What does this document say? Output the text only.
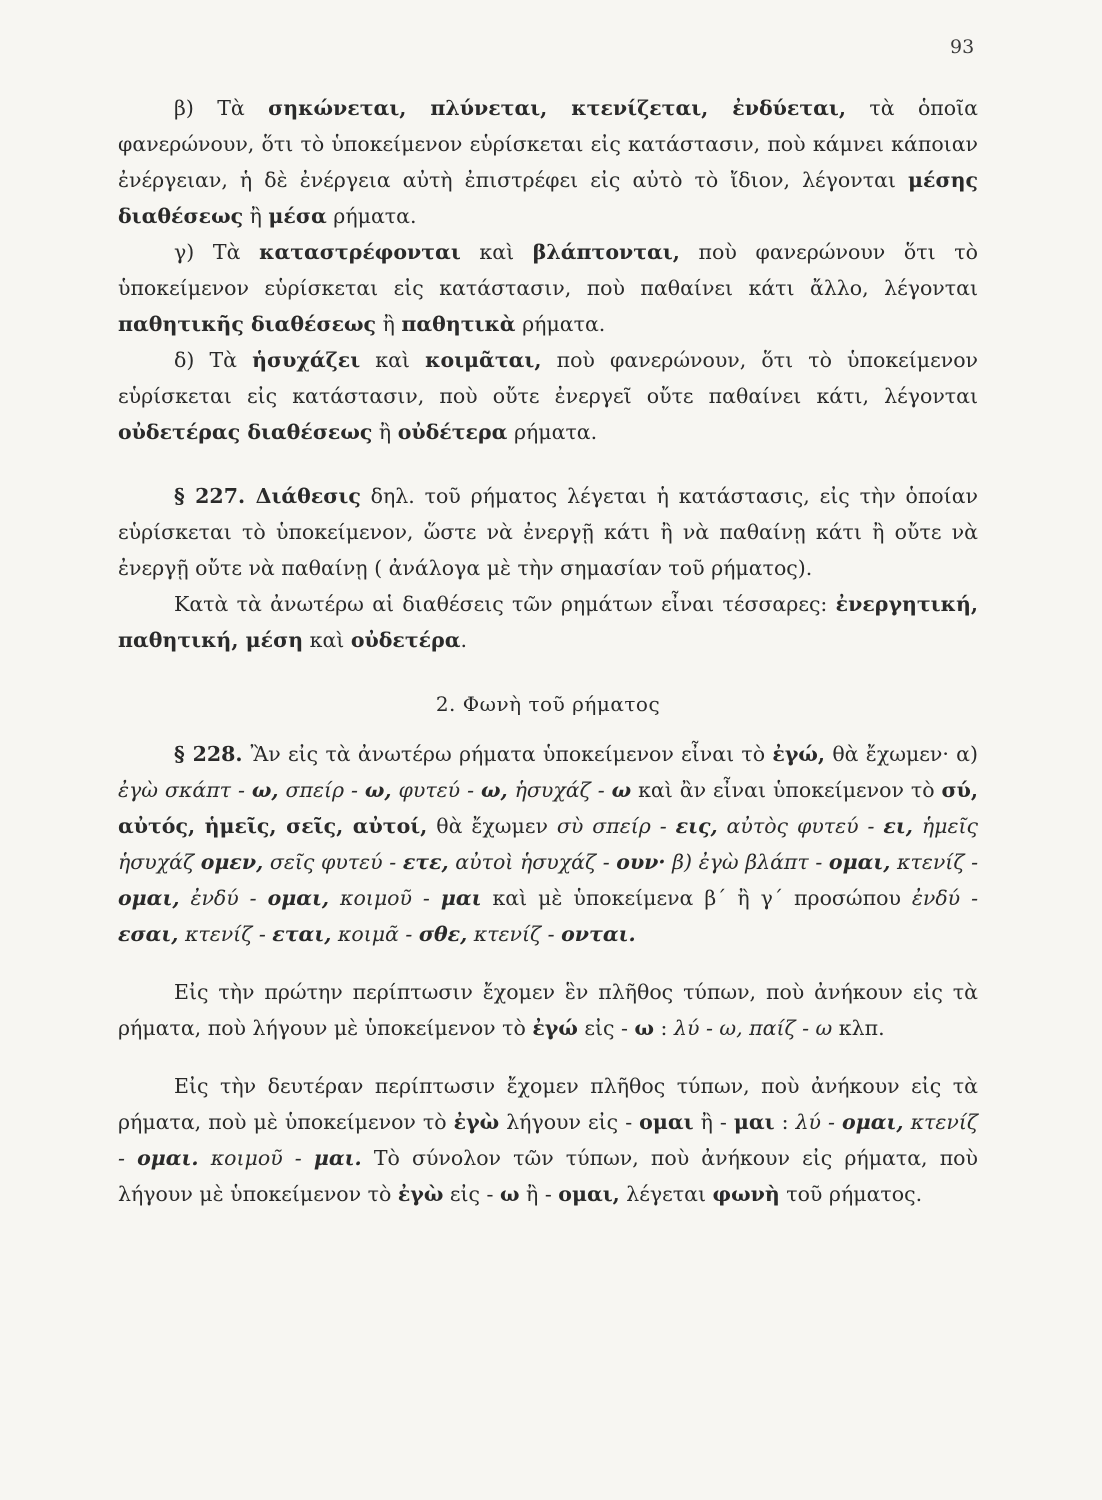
93

β) Τὰ σηκώνεται, πλύνεται, κτενίζεται, ἐνδύεται, τὰ ὁποῖα φανερώνουν, ὅτι τὸ ὑποκείμενον εὑρίσκεται εἰς κατάστασιν, ποὺ κάμνει κάποιαν ἐνέργειαν, ἡ δὲ ἐνέργεια αὐτὴ ἐπιστρέφει εἰς αὐτὸ τὸ ἴδιον, λέγονται μέσης διαθέσεως ἢ μέσα ρήματα.

γ) Τὰ καταστρέφονται καὶ βλάπτονται, ποὺ φανερώνουν ὅτι τὸ ὑποκείμενον εὑρίσκεται εἰς κατάστασιν, ποὺ παθαίνει κάτι ἄλλο, λέγονται παθητικῆς διαθέσεως ἢ παθητικὰ ρήματα.

δ) Τὰ ἡσυχάζει καὶ κοιμᾶται, ποὺ φανερώνουν, ὅτι τὸ ὑποκείμενον εὑρίσκεται εἰς κατάστασιν, ποὺ οὔτε ἐνεργεῖ οὔτε παθαίνει κάτι, λέγονται οὐδετέρας διαθέσεως ἢ οὐδέτερα ρήματα.

§ 227. Διάθεσις δηλ. τοῦ ρήματος λέγεται ἡ κατάστασις, εἰς τὴν ὁποίαν εὑρίσκεται τὸ ὑποκείμενον, ὥστε νὰ ἐνεργῇ κάτι ἢ νὰ παθαίνῃ κάτι ἢ οὔτε νὰ ἐνεργῇ οὔτε νὰ παθαίνῃ ( ἀνάλογα μὲ τὴν σημασίαν τοῦ ρήματος).

Κατὰ τὰ ἀνωτέρω αἱ διαθέσεις τῶν ρημάτων εἶναι τέσσαρες: ἐνεργητική, παθητική, μέση καὶ οὐδετέρα.

2. Φωνὴ τοῦ ρήματος

§ 228. Ἂν εἰς τὰ ἀνωτέρω ρήματα ὑποκείμενον εἶναι τὸ ἐγώ, θὰ ἔχωμεν· α) ἐγὼ σκάπτ - ω, σπείρ - ω, φυτεύ - ω, ἡσυχάζ - ω καὶ ἂν εἶναι ὑποκείμενον τὸ σύ, αὐτός, ἡμεῖς, σεῖς, αὐτοί, θὰ ἔχωμεν σὺ σπείρ - εις, αὐτὸς φυτεύ - ει, ἡμεῖς ἡσυχάζ ομεν, σεῖς φυτεύ - ετε, αὐτοὶ ἡσυχάζ - ουν· β) ἐγὼ βλάπτ - ομαι, κτενίζ - ομαι, ἐνδύ - ομαι, κοιμοῦ - μαι καὶ μὲ ὑποκείμενα β΄ ἢ γ΄ προσώπου ἐνδύ - εσαι, κτενίζ - εται, κοιμᾶ - σθε, κτενίζ - ονται.

Εἰς τὴν πρώτην περίπτωσιν ἔχομεν ἓν πλῆθος τύπων, ποὺ ἀνήκουν εἰς τὰ ρήματα, ποὺ λήγουν μὲ ὑποκείμενον τὸ ἐγώ εἰς - ω : λύ - ω, παίζ - ω κλπ.

Εἰς τὴν δευτέραν περίπτωσιν ἔχομεν πλῆθος τύπων, ποὺ ἀνήκουν εἰς τὰ ρήματα, ποὺ μὲ ὑποκείμενον τὸ ἐγὼ λήγουν εἰς - ομαι ἢ - μαι : λύ - ομαι, κτενίζ - ομαι. κοιμοῦ - μαι. Τὸ σύνολον τῶν τύπων, ποὺ ἀνήκουν εἰς ρήματα, ποὺ λήγουν μὲ ὑποκείμενον τὸ ἐγὼ εἰς - ω ἢ - ομαι, λέγεται φωνὴ τοῦ ρήματος.
